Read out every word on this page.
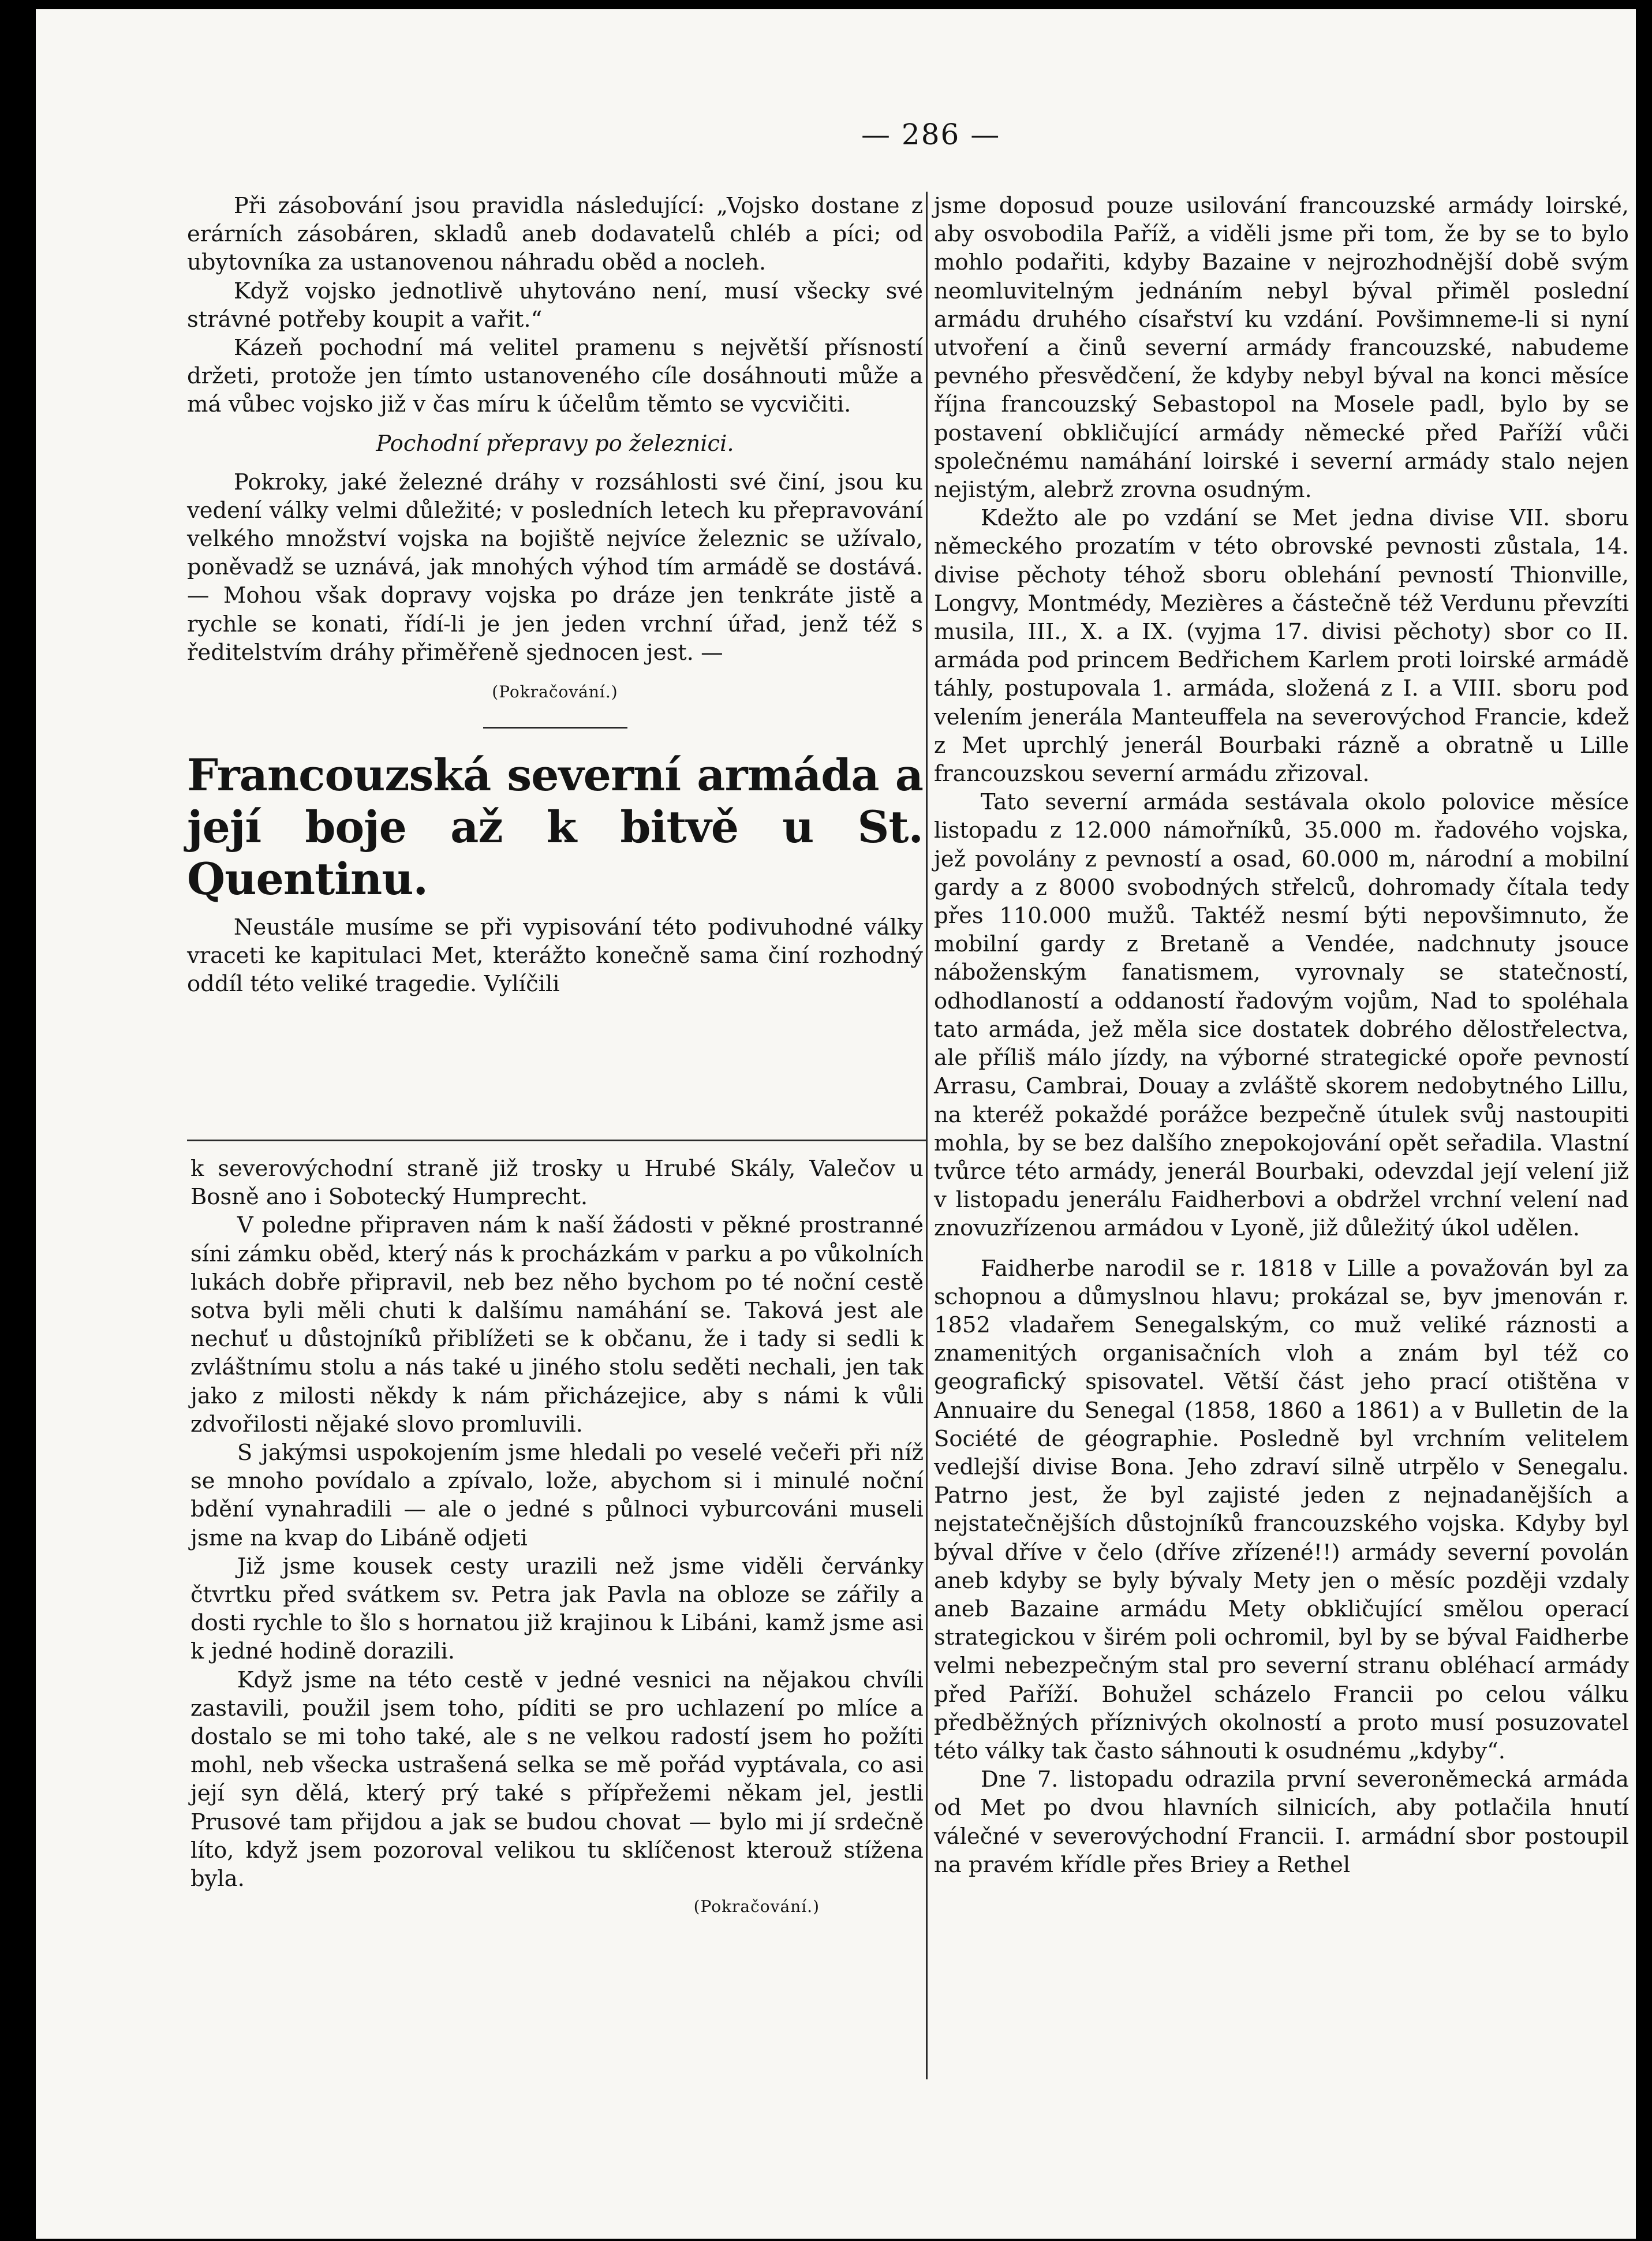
— 286 —

Při zásobování jsou pravidla následující: „Vojsko dostane z erárních zásobáren, skladů aneb dodavatelů chléb a píci; od ubytovníka za ustanovenou náhradu oběd a nocleh.

Když vojsko jednotlivě uhytováno není, musí všecky své strávné potřeby koupit a vařit.“

Kázeň pochodní má velitel pramenu s největší přísností držeti, protože jen tímto ustanoveného cíle dosáhnouti může a má vůbec vojsko již v čas míru k účelům těmto se vycvičiti.

Pochodní přepravy po železnici.

Pokroky, jaké železné dráhy v rozsáhlosti své činí, jsou ku vedení války velmi důležité; v posledních letech ku přepravování velkého množství vojska na bojiště nejvíce železnic se užívalo, poněvadž se uznává, jak mnohých výhod tím armádě se dostává. — Mohou však dopravy vojska po dráze jen tenkráte jistě a rychle se konati, řídí-li je jen jeden vrchní úřad, jenž též s ředitelstvím dráhy přiměřeně sjednocen jest. —

(Pokračování.)
Francouzská severní armáda a její boje až k bitvě u St. Quentinu.

Neustále musíme se při vypisování této podivuhodné války vraceti ke kapitulaci Met, kterážto konečně sama činí rozhodný oddíl této veliké tragedie. Vylíčili

k severovýchodní straně již trosky u Hrubé Skály, Valečov u Bosně ano i Sobotecký Humprecht.

V poledne připraven nám k naší žádosti v pěkné prostranné síni zámku oběd, který nás k procházkám v parku a po vůkolních lukách dobře připravil, neb bez něho bychom po té noční cestě sotva byli měli chuti k dalšímu namáhání se. Taková jest ale nechuť u důstojníků přiblížeti se k občanu, že i tady si sedli k zvláštnímu stolu a nás také u jiného stolu seděti nechali, jen tak jako z milosti někdy k nám přicházejice, aby s námi k vůli zdvořilosti nějaké slovo promluvili.

S jakýmsi uspokojením jsme hledali po veselé večeři při níž se mnoho povídalo a zpívalo, lože, abychom si i minulé noční bdění vynahradili — ale o jedné s půlnoci vyburcováni museli jsme na kvap do Libáně odjeti

Již jsme kousek cesty urazili než jsme viděli červánky čtvrtku před svátkem sv. Petra jak Pavla na obloze se zářily a dosti rychle to šlo s hornatou již krajinou k Libáni, kamž jsme asi k jedné hodině dorazili.

Když jsme na této cestě v jedné vesnici na nějakou chvíli zastavili, použil jsem toho, píditi se pro uchlazení po mlíce a dostalo se mi toho také, ale s ne velkou radostí jsem ho požíti mohl, neb všecka ustrašená selka se mě pořád vyptávala, co asi její syn dělá, který prý také s přípřežemi někam jel, jestli Prusové tam přijdou a jak se budou chovat — bylo mi jí srdečně líto, když jsem pozoroval velikou tu sklíčenost kterouž stížena byla.

(Pokračování.)

jsme doposud pouze usilování francouzské armády loirské, aby osvobodila Paříž, a viděli jsme při tom, že by se to bylo mohlo podařiti, kdyby Bazaine v nejrozhodnější době svým neomluvitelným jednáním nebyl býval přiměl poslední armádu druhého císařství ku vzdání. Povšimneme-li si nyní utvoření a činů severní armády francouzské, nabudeme pevného přesvědčení, že kdyby nebyl býval na konci měsíce října francouzský Sebastopol na Mosele padl, bylo by se postavení obkličující armády německé před Paříží vůči společnému namáhání loirské i severní armády stalo nejen nejistým, alebrž zrovna osudným.

Kdežto ale po vzdání se Met jedna divise VII. sboru německého prozatím v této obrovské pevnosti zůstala, 14. divise pěchoty téhož sboru oblehání pevností Thionville, Longvy, Montmédy, Mezières a částečně též Verdunu převzíti musila, III., X. a IX. (vyjma 17. divisi pěchoty) sbor co II. armáda pod princem Bedřichem Karlem proti loirské armádě táhly, postupovala 1. armáda, složená z I. a VIII. sboru pod velením jenerála Manteuffela na severovýchod Francie, kdež z Met uprchlý jenerál Bourbaki rázně a obratně u Lille francouzskou severní armádu zřizoval.

Tato severní armáda sestávala okolo polovice měsíce listopadu z 12.000 námořníků, 35.000 m. řadového vojska, jež povolány z pevností a osad, 60.000 m, národní a mobilní gardy a z 8000 svobodných střelců, dohromady čítala tedy přes 110.000 mužů. Taktéž nesmí býti nepovšimnuto, že mobilní gardy z Bretaně a Vendée, nadchnuty jsouce náboženským fanatismem, vyrovnaly se statečností, odhodlaností a oddaností řadovým vojům, Nad to spoléhala tato armáda, jež měla sice dostatek dobrého dělostřelectva, ale příliš málo jízdy, na výborné strategické opoře pevností Arrasu, Cambrai, Douay a zvláště skorem nedobytného Lillu, na kteréž pokaždé porážce bezpečně útulek svůj nastoupiti mohla, by se bez dalšího znepokojování opět seřadila. Vlastní tvůrce této armády, jenerál Bourbaki, odevzdal její velení již v listopadu jenerálu Faidherbovi a obdržel vrchní velení nad znovuzřízenou armádou v Lyoně, již důležitý úkol udělen.

Faidherbe narodil se r. 1818 v Lille a považován byl za schopnou a důmyslnou hlavu; prokázal se, byv jmenován r. 1852 vladařem Senegalským, co muž veliké ráznosti a znamenitých organisačních vloh a znám byl též co geografický spisovatel. Větší část jeho prací otištěna v Annuaire du Senegal (1858, 1860 a 1861) a v Bulletin de la Société de géographie. Posledně byl vrchním velitelem vedlejší divise Bona. Jeho zdraví silně utrpělo v Senegalu. Patrno jest, že byl zajisté jeden z nejnadanějších a nejstatečnějších důstojníků francouzského vojska. Kdyby byl býval dříve v čelo (dříve zřízené!!) armády severní povolán aneb kdyby se byly bývaly Mety jen o měsíc později vzdaly aneb Bazaine armádu Mety obkličující smělou operací strategickou v širém poli ochromil, byl by se býval Faidherbe velmi nebezpečným stal pro severní stranu obléhací armády před Paříží. Bohužel scházelo Francii po celou válku předběžných příznivých okolností a proto musí posuzovatel této války tak často sáhnouti k osudnému „kdyby“.

Dne 7. listopadu odrazila první severoněmecká armáda od Met po dvou hlavních silnicích, aby potlačila hnutí válečné v severovýchodní Francii. I. armádní sbor postoupil na pravém křídle přes Briey a Rethel
